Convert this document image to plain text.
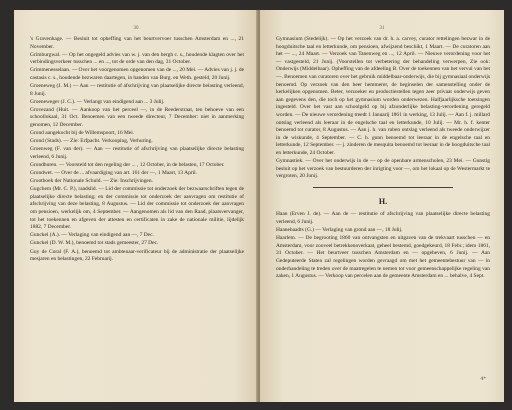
30
's Gravenhage. — Besluit tot opheffing van het beurtvervoer tusschen Amsterdam en ..., 21 November.
Grimburgwal. — Op het ongegeld advies van w. j. van den bergh c. s., houdende klagten over het verbindingsverkeer tusschen ... en ..., tot de orde van den dag, 31 October.
Grimmenesselaan. — Over het voorgenomen opgenomen van de ..., 20 Mei. — Advies van j. j. de castasis c. s., houdende bezwaren daartegen, in handen van Burg. en Weth. gesteld, 20 Junij.
Groeneweg (J. M.) — Aan — restitutie of afschrijving van plaatselijke directe belasting verleend, 8 Junij.
Groeneweger (J. C.). — Verlangt van eindigend aan ... 3 Julij.
Grovezand (Huit. — Aankoop van het perceel —, in de Reederstraat, ten behoeve van een schoollokaal, 31 Oct. Benoemen van een tweede directeur, 7 December: niet in aanmerking genomen, 12 December.
Grond aangekocht bij de Willemspoort, 16 Mei.
Grond (Stads). — Zie: Erfpacht. Verkooping, Verhuring.
Groenweg (F. van der). — Aan — restitutie of afschrijving van plaatselijke directe belasting verleend, 6 Junij.
Grondhuren. — Voorsteld tot den regeling der ... , 12 October, in de belasten, 17 October.
Grondwet. — Over de ... afvaardiging van art. 161 der —, 1 Maart, 13 April.
Grootboek der Nationale Schuld. — Zie: Inschrijvingen.
Gugchem (Mr. C. P.), raadslid. — Lid der commissie tot onderzoek der bezwaarschriften tegen de plaatselijke directe belasting; en der commissie tot onderzoek der aanvragen om restitutie of afschrijving van deze belasting, 8 Augustus. — Lid der commissie tot onderzoek der aanvragen om pensioen, werkelijk om, 4 September. — Aangenomen als lid van den Raad, plaatsvervanger, tot het toekennen en afgeven der attesten en certificaten in zake de nationale militie, lijdelijk 1882, 7 December.
Gunckel (A.). — Verlaging van eindigend aan —, 7 Dec.
Gunckel (D. W. M.), benoemd tot stads gemeester, 27 Dec.
Guy de Coral (F. A.), benoemd tot ambtenaar-verificateur bij de administratie der plaatselijke mesjaren en belastingen, 22 Februarij.
31
Gymnasium (Stedelijk). — Op het verzoek van dr. h. a. carvey, curator rettelingen bezwar in de hoogduitsche taal en letterkunde, om pensioen, afwijzend beschikt, 1 Maart. — De curatoren aan het — ..., 24 Maart. — Verzoek van Tanenweg en ..., 12 April. — Nieuwe verordening voor het — vastgesteld, 21 Junij. (Voorstellen tot verbetering der behandeling verwerpen, Zie ook: Onderwijs (Middelbaar). Opheffing van de afdeeling B. Over de toekennen van het vervul van het —. Benoemen van curatoren over het gebruik middelbaar-onderwijs, die bij gymnasiaal onderwijs benoemd. Op verzoek van den heer hemmerer, de beginselen der samenstelling onder de kerkelijken opgenomen. Beter, verzoeker en productiestellen tegen zeer privaat onderwijs geven aan gegevens den, die toch op het gymnasium worden onderwezen. Halfjaarlijksche toetsingen ingesteld. Over het vast aan schoolgeld op bij afzonderlijke belasting-verordening geregeld worden. — De nieuwe verordening treedt 1 Januarij 1861 in werking, 13 Julij. — Aan f. j. millard ontslag verleend als leeraar in de engelsche taal en letterkunde, 10 Julij. — Mr. h. f. kenter benoemd tot curator, 8 Augustus. — Aan j. h. van ruben ontslag verleend als tweede onderwijzer in de wiskunde, 4 September. — C. h. gunn benoemd tot leeraar in de engelsche taal en letterkunde, 12 September. — j. zinderen de mesquita benoemd tot leeraar in de hoogduitsche taal en letterkunde, 24 October.
Gymnastiek. — Over het onderwijs in de — op de openbare armenscholen, 23 Mei. — Gunstig besluit op het verzoek van bestuurderen der inrigting voor —, om het lokaal op de Westermarkt te vergroten, 20 Junij.
H.
Haan (Erven J. de). — Aan de — restitutie of afschrijving van plaatselijke directe belasting verleend, 6 Junij.
Haanebaadts (G.) — Verlaging van grond aan —, 18 Julij.
Haarlem. — De begrooting 1860 van ontvangsten en uitgaven van de trekvaart tusschen — en Amsterdam, voor zooveel betrekkenoverkaat, geheel bestemd, goedgekeurd, 18 Febr.; idem 1861, 31 October. — Het beurtveer tusschen Amsterdam en — opgeheven, 6 Junij. — Aan Gedeputeerde Staten zal regelingen worden gevraagd om met het gemeentebestuur van — in onderhandeling te treden over de maatregelen te nemen tot voor gemeenschappelijke regeling van zaken, 1 Augustus. — Verkoop van percelen aan de gemeente Amsterdam en ... behalve, 4 Sept.
4*
